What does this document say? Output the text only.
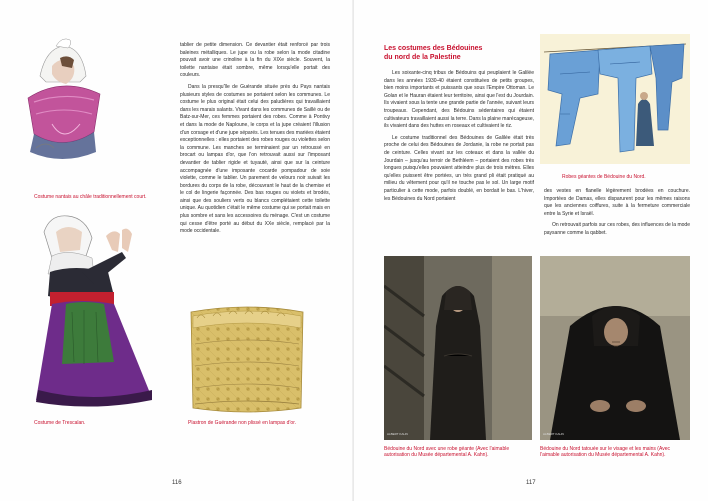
Costume nantais au châle traditionnellement court.
Costume de Trescalan.

tablier de petite dimension. Ce devantier était renforcé par trois baleines métalliques. Le jupe ou la robe selon la mode citadine pouvait avoir une crinoline à la fin du XIXe siècle. Souvent, la toilette nantaise était sombre, même lorsqu'elle portait des couleurs.

Dans la presqu'île de Guérande située près du Pays nantais plusieurs styles de costumes se portaient selon les communes. Le costume le plus original était celui des paludières qui travaillaient dans les marais salants. Vivant dans les communes de Saillé ou de Batz-sur-Mer, ces femmes portaient des robes. Comme à Pontivy et dans la mode de Naploune, le corps et la jupe créaient l'illusion d'un corsage et d'une jupe séparés. Les tenues des mariées étaient exceptionnelles : elles portaient des robes rouges ou violettes selon la commune. Les manches se terminaient par un retroussé en brocart ou lampas d'or, que l'on retrouvait aussi sur l'imposant devantier de tablier rigide et tuyauté, ainsi que sur la ceinture accompagnée d'une imposante cocarde pompadour de soie violette, comme le tablier. Un parement de velours noir suivait les bordures du corps de la robe, découvrant le haut de la chemise et le col de lingerie façonnée. Des bas rouges ou violets et brodés, ainsi que des souliers verts ou blancs complétaient cette toilette unique. Au quotidien c'était le même costume qui se portait mais en plus sombre et sans les accessoires du ménage. C'est un costume qui cesse d'être porté au début du XXe siècle, remplacé par la mode occidentale.

Plastron de Guérande non plissé en lampas d'or.
116
Les costumes des Bédouines
du nord de la Palestine

Les soixante-cinq tribus de Bédouins qui peuplaient le Galilée dans les années 1930-40 étaient constituées de petits groupes, bien moins importants et puissants que sous l'Empire Ottoman. Le Golan et le Hauran étaient leur territoire, ainsi que l'est du Jourdain. Ils vivaient sous la tente une grande partie de l'année, suivant leurs troupeaux. Cependant, des Bédouins sédentaires qui étaient cultivateurs travaillaient aussi la terre. Dans la plaine marécageuse, ils vivaient dans des huttes en roseaux et cultivaient le riz.

Le costume traditionnel des Bédouines de Galilée était très proche de celui des Bédouines de Jordanie, la robe ne portait pas de ceinture. Celles vivant sur les coteaux et dans la vallée du Jourdain – jusqu'au terroir de Bethléem – portaient des robes très longues puisqu'elles pouvaient atteindre plus de trois mètres. Elles qu'elles puissent être portées, un très grand pli était pratiqué au milieu du vêtement pour qu'il ne touche pas le sol. Un large motif particulier à cette mode, parfois doublé, en bordait le bas. L'hiver, les Bédouines du Nord portaient

Robes géantes de Bédouine du Nord.

des vestes en flanelle légèrement brodées en couchure. Importées de Damas, elles disparurent pour les mêmes raisons que les anciennes coiffures, suite à la fermeture commerciale entre la Syrie et Israël.

On retrouvait parfois sur ces robes, des influences de la mode paysanne comme la qabbet.

ALBERT KAHN	ALBERT KAHN
Bédouine du Nord avec une robe géante (Avec l'aimable autorisation du Musée départemental A. Kahn).
Bédouine du Nord tatouée sur le visage et les mains (Avec l'aimable autorisation du Musée départemental A. Kahn).
117
